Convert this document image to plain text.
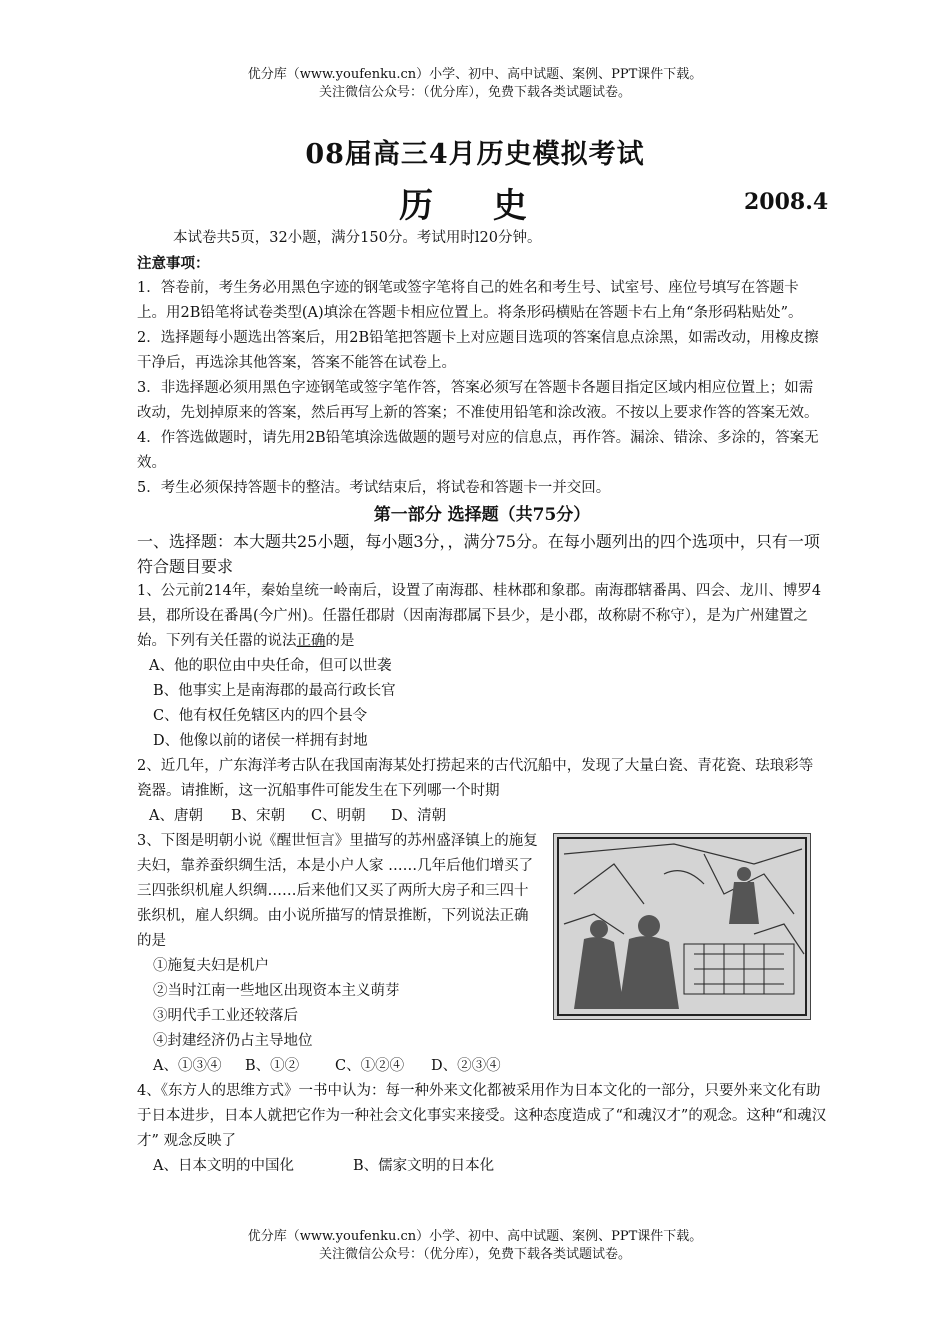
优分库（www.youfenku.cn）小学、初中、高中试题、案例、PPT课件下载。
关注微信公众号：（优分库），免费下载各类试题试卷。
08届高三4月历史模拟考试
历 史	2008.4

本试卷共5页，32小题，满分150分。考试用时l20分钟。

注意事项：

1．答卷前，考生务必用黑色字迹的钢笔或签字笔将自己的姓名和考生号、试室号、座位号填写在答题卡上。用2B铅笔将试卷类型(A)填涂在答题卡相应位置上。将条形码横贴在答题卡右上角“条形码粘贴处”。

2．选择题每小题选出答案后，用2B铅笔把答题卡上对应题目选项的答案信息点涂黑，如需改动，用橡皮擦干净后，再选涂其他答案，答案不能答在试卷上。

3．非选择题必须用黑色字迹钢笔或签字笔作答，答案必须写在答题卡各题目指定区域内相应位置上；如需改动，先划掉原来的答案，然后再写上新的答案；不准使用铅笔和涂改液。不按以上要求作答的答案无效。

4．作答选做题时，请先用2B铅笔填涂选做题的题号对应的信息点，再作答。漏涂、错涂、多涂的，答案无效。

5．考生必须保持答题卡的整洁。考试结束后，将试卷和答题卡一并交回。

第一部分 选择题（共75分）

一、选择题：本大题共25小题，每小题3分，，满分75分。在每小题列出的四个选项中，只有一项符合题目要求

1、公元前214年，秦始皇统一岭南后，设置了南海郡、桂林郡和象郡。南海郡辖番禺、四会、龙川、博罗4县，郡所设在番禺(今广州)。任嚣任郡尉（因南海郡属下县少，是小郡，故称尉不称守），是为广州建置之始。下列有关任嚣的说法正确的是

A、他的职位由中央任命，但可以世袭

B、他事实上是南海郡的最高行政长官

C、他有权任免辖区内的四个县令

D、他像以前的诸侯一样拥有封地

2、近几年，广东海洋考古队在我国南海某处打捞起来的古代沉船中，发现了大量白瓷、青花瓷、珐琅彩等瓷器。请推断，这一沉船事件可能发生在下列哪一个时期

A、唐朝 B、宋朝 C、明朝 D、清朝

3、下图是明朝小说《醒世恒言》里描写的苏州盛泽镇上的施复夫妇，靠养蚕织绸生活，本是小户人家 ……几年后他们增买了三四张织机雇人织绸……后来他们又买了两所大房子和三四十张织机，雇人织绸。由小说所描写的情景推断，下列说法正确的是

①施复夫妇是机户

②当时江南一些地区出现资本主义萌芽

③明代手工业还较落后

④封建经济仍占主导地位

A、①③④ B、①② C、①②④ D、②③④

4、《东方人的思维方式》一书中认为：每一种外来文化都被采用作为日本文化的一部分，只要外来文化有助于日本进步，日本人就把它作为一种社会文化事实来接受。这种态度造成了“和魂汉才”的观念。这种“和魂汉才” 观念反映了

A、日本文明的中国化	B、儒家文明的日本化

优分库（www.youfenku.cn）小学、初中、高中试题、案例、PPT课件下载。
关注微信公众号：（优分库），免费下载各类试题试卷。
